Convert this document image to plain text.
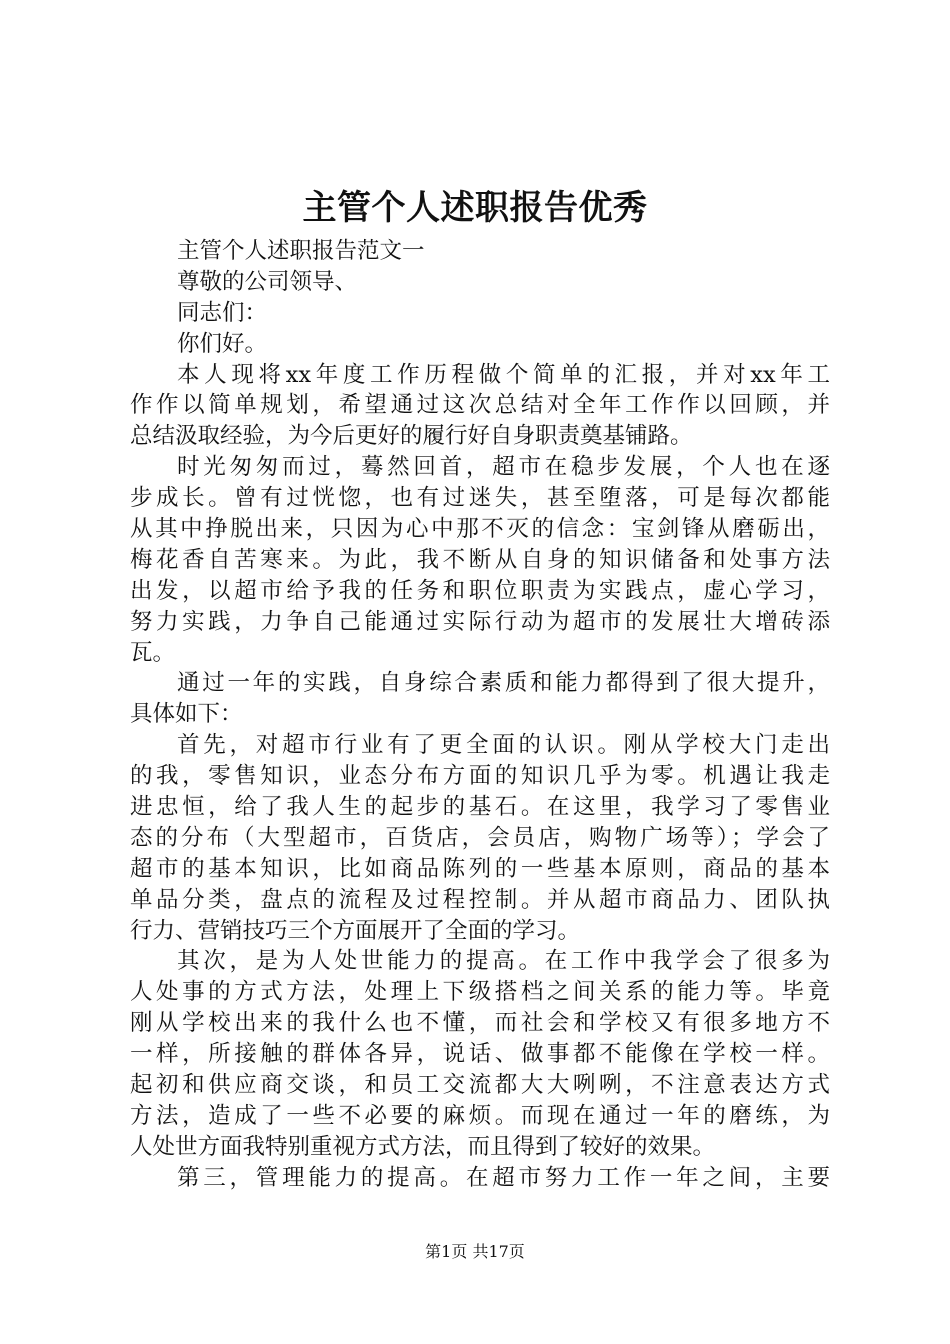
主管个人述职报告优秀
主管个人述职报告范文一
尊敬的公司领导、
同志们：
你们好。
本人现将xx年度工作历程做个简单的汇报，并对xx年工
作作以简单规划，希望通过这次总结对全年工作作以回顾，并
总结汲取经验，为今后更好的履行好自身职责奠基铺路。
时光匆匆而过，蓦然回首，超市在稳步发展，个人也在逐
步成长。曾有过恍惚，也有过迷失，甚至堕落，可是每次都能
从其中挣脱出来，只因为心中那不灭的信念：宝剑锋从磨砺出，
梅花香自苦寒来。为此，我不断从自身的知识储备和处事方法
出发，以超市给予我的任务和职位职责为实践点，虚心学习，
努力实践，力争自己能通过实际行动为超市的发展壮大增砖添
瓦。
通过一年的实践，自身综合素质和能力都得到了很大提升，
具体如下：
首先，对超市行业有了更全面的认识。刚从学校大门走出
的我，零售知识，业态分布方面的知识几乎为零。机遇让我走
进忠恒，给了我人生的起步的基石。在这里，我学习了零售业
态的分布（大型超市，百货店，会员店，购物广场等）；学会了
超市的基本知识，比如商品陈列的一些基本原则，商品的基本
单品分类，盘点的流程及过程控制。并从超市商品力、团队执
行力、营销技巧三个方面展开了全面的学习。
其次，是为人处世能力的提高。在工作中我学会了很多为
人处事的方式方法，处理上下级搭档之间关系的能力等。毕竟
刚从学校出来的我什么也不懂，而社会和学校又有很多地方不
一样，所接触的群体各异，说话、做事都不能像在学校一样。
起初和供应商交谈，和员工交流都大大咧咧，不注意表达方式
方法，造成了一些不必要的麻烦。而现在通过一年的磨练，为
人处世方面我特别重视方式方法，而且得到了较好的效果。
第三，管理能力的提高。在超市努力工作一年之间，主要
第1页 共17页
